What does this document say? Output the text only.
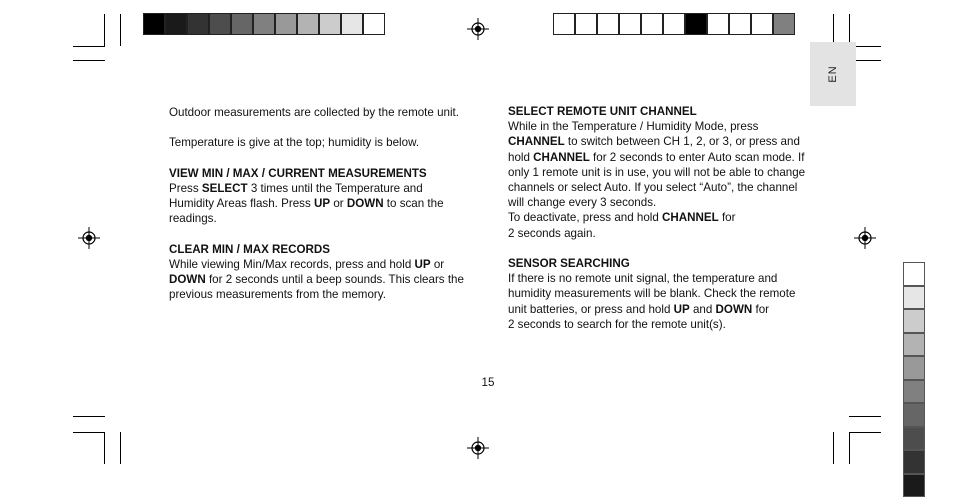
EN

Outdoor measurements are collected by the remote unit.

Temperature is give at the top; humidity is below.

VIEW MIN / MAX / CURRENT MEASUREMENTS

Press SELECT 3 times until the Temperature and Humidity Areas flash. Press UP or DOWN to scan the readings.

CLEAR MIN / MAX RECORDS

While viewing Min/Max records, press and hold UP or DOWN for 2 seconds until a beep sounds. This clears the previous measurements from the memory.

SELECT REMOTE UNIT CHANNEL

While in the Temperature / Humidity Mode, press CHANNEL to switch between CH 1, 2, or 3, or press and hold CHANNEL for 2 seconds to enter Auto scan mode. If only 1 remote unit is in use, you will not be able to change channels or select Auto. If you select “Auto”, the channel will change every 3 seconds.

To deactivate, press and hold CHANNEL for
2 seconds again.

SENSOR SEARCHING

If there is no remote unit signal, the temperature and humidity measurements will be blank. Check the remote unit batteries, or press and hold UP and DOWN for
2 seconds to search for the remote unit(s).

15
